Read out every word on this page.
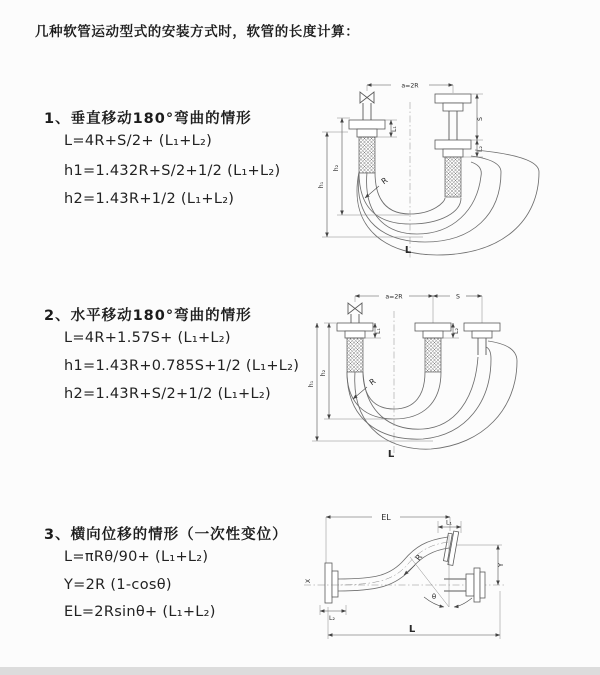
几种软管运动型式的安装方式时，软管的长度计算：
1、垂直移动180°弯曲的情形
L=4R+S/2+ (L₁+L₂)
h1=1.432R+S/2+1/2 (L₁+L₂)
h2=1.43R+1/2 (L₁+L₂)
2、水平移动180°弯曲的情形
L=4R+1.57S+ (L₁+L₂)
h1=1.43R+0.785S+1/2 (L₁+L₂)
h2=1.43R+S/2+1/2 (L₁+L₂)
3、横向位移的情形（一次性变位）
L=πRθ/90+ (L₁+L₂)
Y=2R (1-cosθ)
EL=2Rsinθ+ (L₁+L₂)
a=2R
L₁
S
L₂
R
h₂
h₁
L
a=2R	S
L₁	L₂
R
h₂
h₁
L
EL
L₁
X
Y
θ
R
L₂
L
